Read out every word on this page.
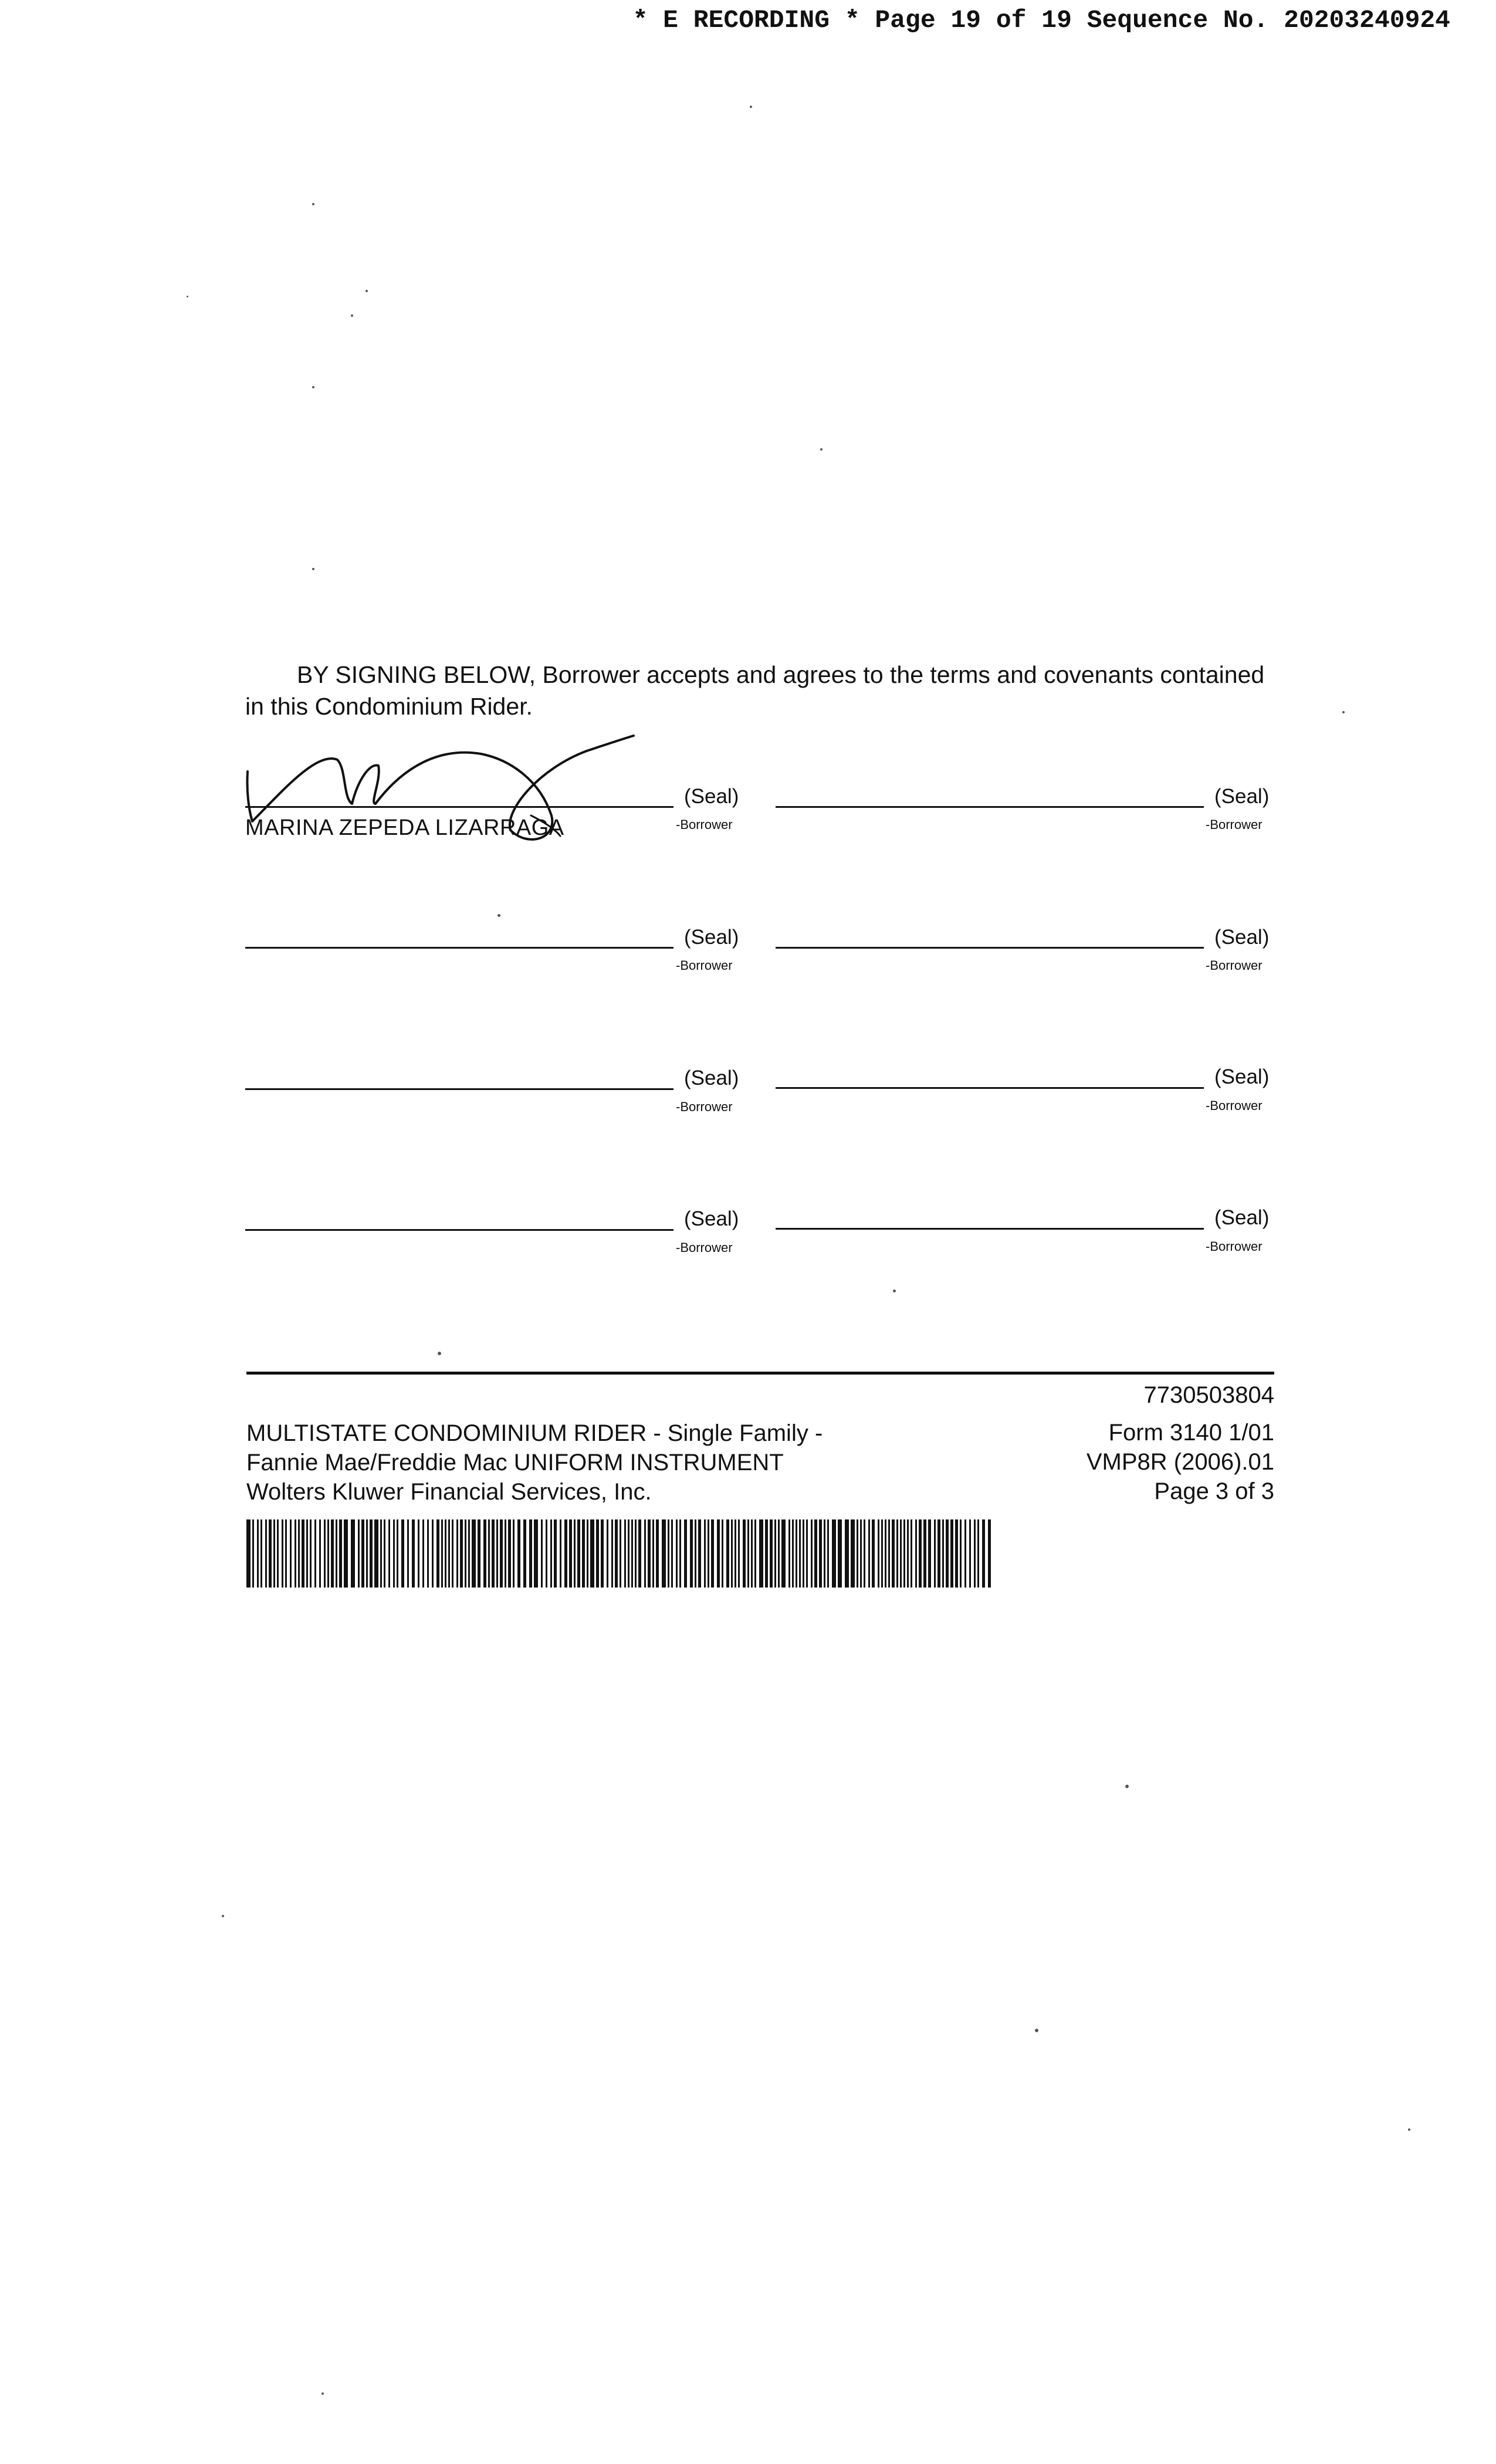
* E RECORDING * Page 19 of 19 Sequence No. 20203240924
BY SIGNING BELOW, Borrower accepts and agrees to the terms and covenants contained in this Condominium Rider.
(Seal)
-Borrower
MARINA ZEPEDA LIZARRAGA
(Seal)
-Borrower
(Seal)
-Borrower
(Seal)
-Borrower
(Seal)
-Borrower
(Seal)
-Borrower
(Seal)
-Borrower
(Seal)
-Borrower
7730503804
Form 3140 1/01
VMP8R (2006).01
Page 3 of 3
MULTISTATE CONDOMINIUM RIDER - Single Family -
Fannie Mae/Freddie Mac UNIFORM INSTRUMENT
Wolters Kluwer Financial Services, Inc.
